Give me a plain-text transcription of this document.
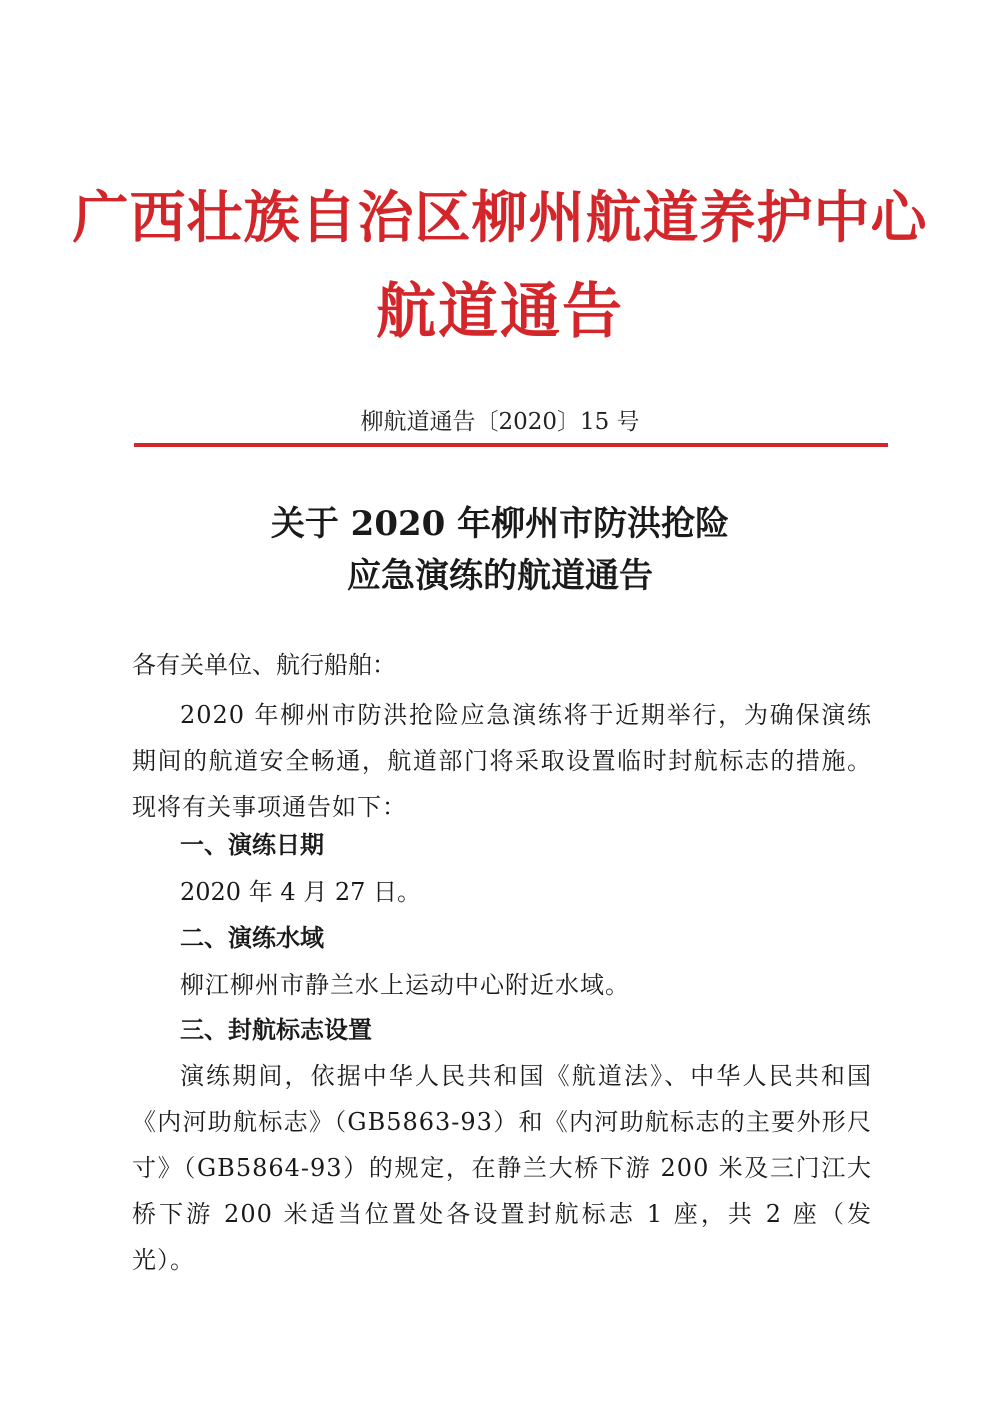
广西壮族自治区柳州航道养护中心
航道通告
柳航道通告〔2020〕15 号
关于 2020 年柳州市防洪抢险
应急演练的航道通告
各有关单位、航行船舶：
2020 年柳州市防洪抢险应急演练将于近期举行，为确保演练期间的航道安全畅通，航道部门将采取设置临时封航标志的措施。现将有关事项通告如下：
一、演练日期
2020 年 4 月 27 日。
二、演练水域
柳江柳州市静兰水上运动中心附近水域。
三、封航标志设置
演练期间，依据中华人民共和国《航道法》、中华人民共和国《内河助航标志》（GB5863-93）和《内河助航标志的主要外形尺寸》（GB5864-93）的规定，在静兰大桥下游 200 米及三门江大桥下游 200 米适当位置处各设置封航标志 1 座，共 2 座（发光）。
